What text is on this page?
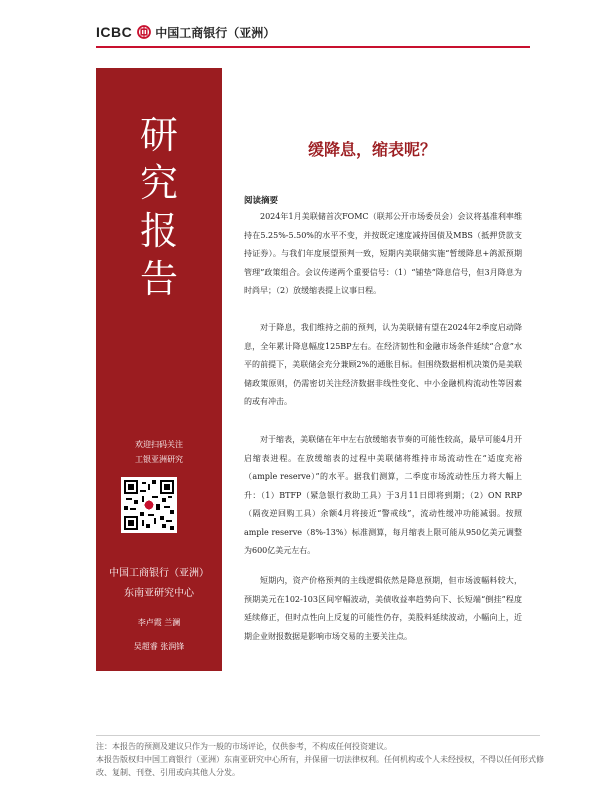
ICBC 中国工商银行（亚洲）
研
究
报
告
欢迎扫码关注
工银亚洲研究
中国工商银行（亚洲）
东南亚研究中心
李卢霞 兰澜
吴超睿 张润锋
缓降息，缩表呢？
阅读摘要

2024年1月美联储首次FOMC（联邦公开市场委员会）会议将基准利率维持在5.25%-5.50%的水平不变，并按既定速度减持国债及MBS（抵押贷款支持证券）。与我们年度展望预判一致，短期内美联储实施“暂缓降息+鸽派预期管理”政策组合。会议传递两个重要信号：（1）“铺垫”降息信号，但3月降息为时尚早；（2）放缓缩表提上议事日程。

对于降息，我们维持之前的预判，认为美联储有望在2024年2季度启动降息，全年累计降息幅度125BP左右。在经济韧性和金融市场条件延续“合意”水平的前提下，美联储会充分兼顾2%的通胀目标。但围绕数据相机决策仍是美联储政策原则，仍需密切关注经济数据非线性变化、中小金融机构流动性等因素的或有冲击。

对于缩表，美联储在年中左右放缓缩表节奏的可能性较高，最早可能4月开启缩表进程。在放缓缩表的过程中美联储将维持市场流动性在“适度充裕（ample reserve）”的水平。据我们测算，二季度市场流动性压力将大幅上升：（1）BTFP（紧急银行救助工具）于3月11日即将到期；（2）ON RRP（隔夜逆回购工具）余额4月将接近“警戒线”，流动性缓冲功能减弱。按照ample reserve（8%-13%）标准测算，每月缩表上限可能从950亿美元调整为600亿美元左右。

短期内，资产价格预判的主线逻辑依然是降息预期，但市场波幅料较大，预期美元在102-103区间窄幅波动，美债收益率趋势向下、长短端“倒挂”程度延续修正，但时点性向上反复的可能性仍存，美股料延续波动，小幅向上，近期企业财报数据是影响市场交易的主要关注点。

注：本报告的预测及建议只作为一般的市场评论，仅供参考，不构成任何投资建议。
本报告版权归中国工商银行（亚洲）东南亚研究中心所有，并保留一切法律权利。任何机构或个人未经授权，不得以任何形式修改、复制、刊登、引用或向其他人分发。
